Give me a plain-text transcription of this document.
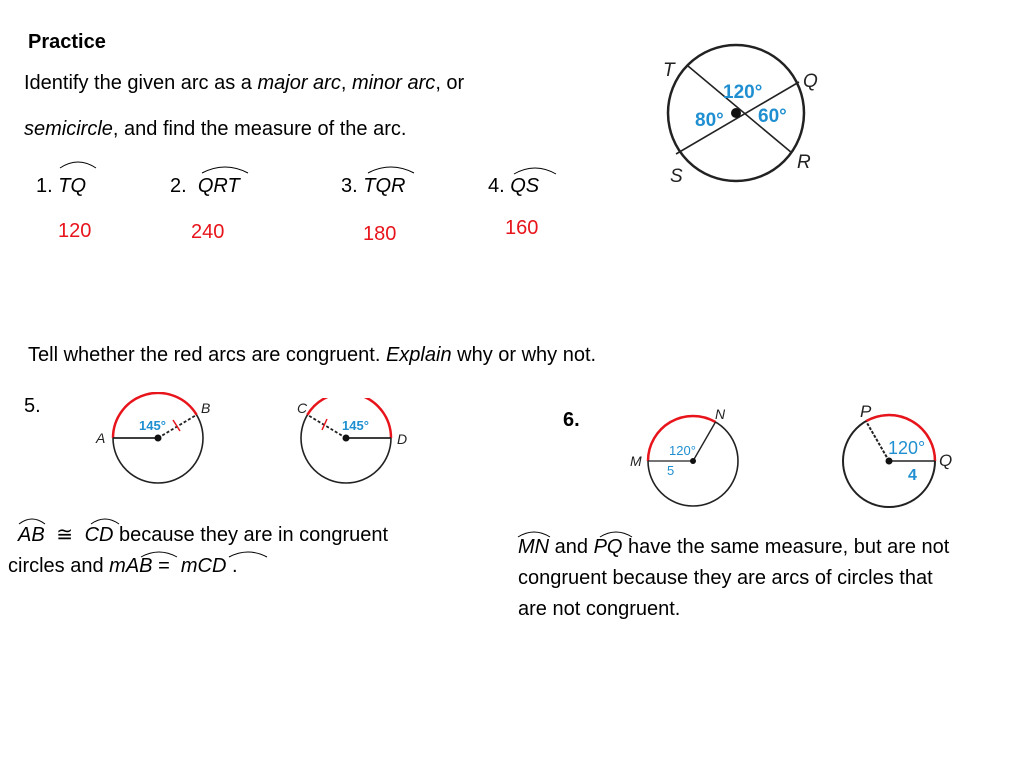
Practice
Identify the given arc as a major arc, minor arc, or
semicircle, and find the measure of the arc.
1. TQ	2. QRT	3. TQR	4. QS
120	240	180	160
T
Q
S
R
120°
80° 60°
Tell whether the red arcs are congruent. Explain why or why not.
5.
145°
A
B
145°
C
D
AB ≅ CD because they are in congruent
circles and mAB =  mCD .
6.
120°
5
M
N
120°
4
P
Q
MN and PQ have the same measure, but are not
congruent because they are arcs of circles that
are not congruent.
